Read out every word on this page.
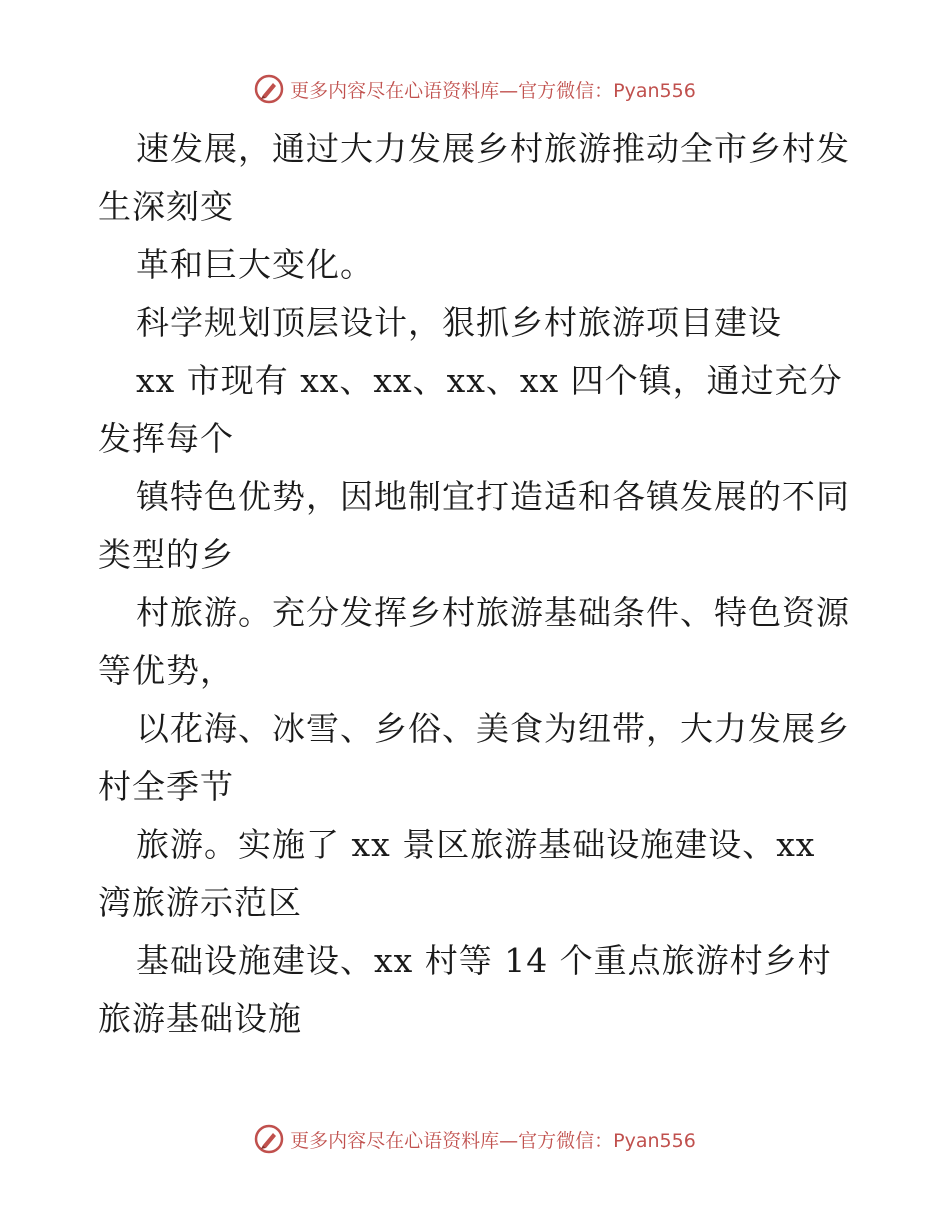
更多内容尽在心语资料库—官方微信：Pyan556
速发展，通过大力发展乡村旅游推动全市乡村发
生深刻变
革和巨大变化。
科学规划顶层设计，狠抓乡村旅游项目建设
xx 市现有 xx、xx、xx、xx 四个镇，通过充分
发挥每个
镇特色优势，因地制宜打造适和各镇发展的不同
类型的乡
村旅游。充分发挥乡村旅游基础条件、特色资源
等优势，
以花海、冰雪、乡俗、美食为纽带，大力发展乡
村全季节
旅游。实施了 xx 景区旅游基础设施建设、xx
湾旅游示范区
基础设施建设、xx 村等 14 个重点旅游村乡村
旅游基础设施
更多内容尽在心语资料库—官方微信：Pyan556
